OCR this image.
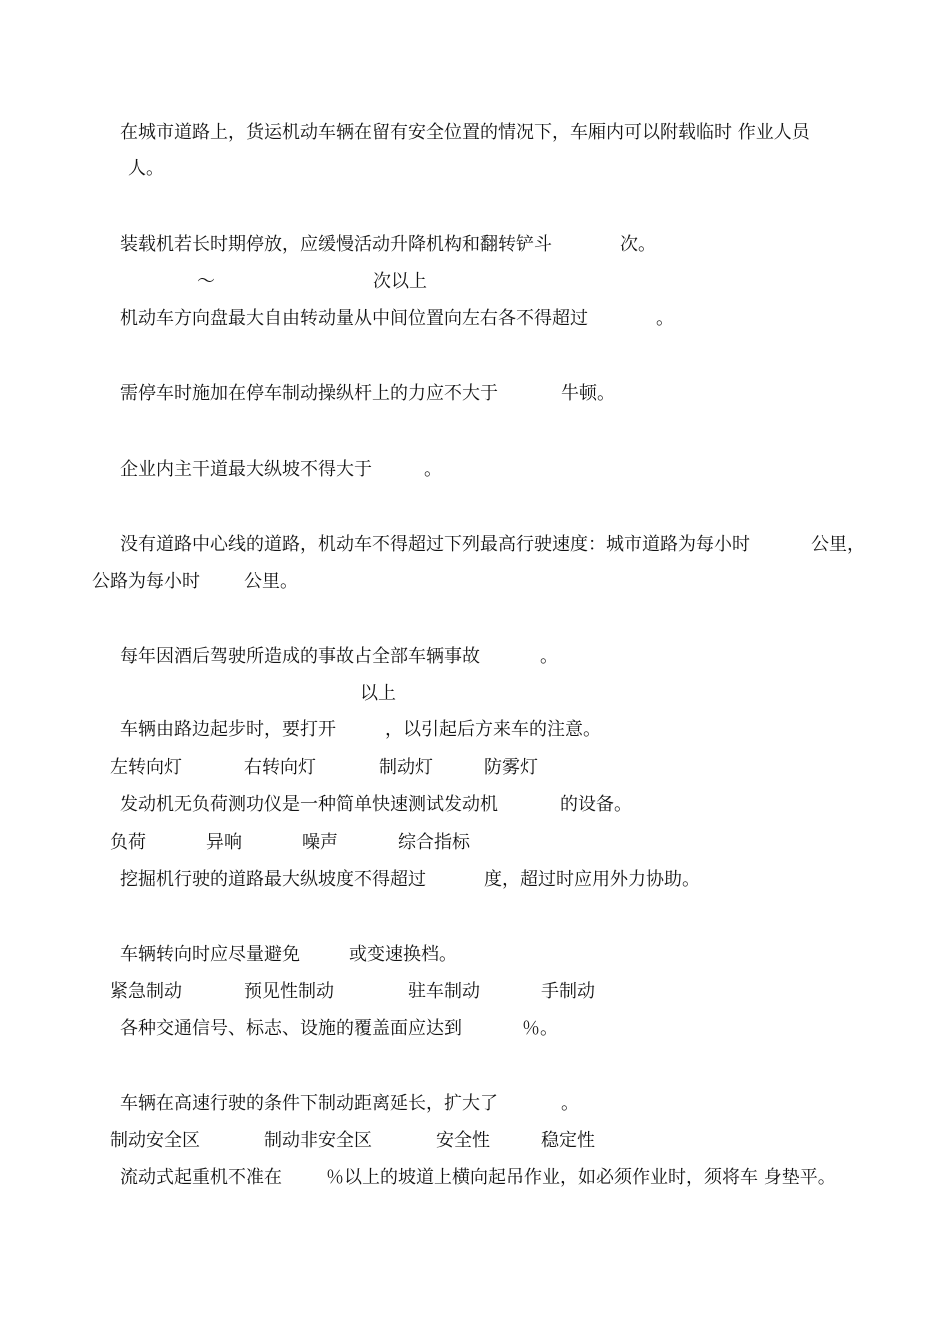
在城市道路上，货运机动车辆在留有安全位置的情况下，车厢内可以附载临时 作业人员
人。
装载机若长时期停放，应缓慢活动升降机构和翻转铲斗	次。
～	次以上
机动车方向盘最大自由转动量从中间位置向左右各不得超过	。
需停车时施加在停车制动操纵杆上的力应不大于	牛顿。
企业内主干道最大纵坡不得大于	。
没有道路中心线的道路，机动车不得超过下列最高行驶速度：城市道路为每小时	公里，
公路为每小时 公里。
每年因酒后驾驶所造成的事故占全部车辆事故	。
以上
车辆由路边起步时，要打开	，以引起后方来车的注意。
左转向灯	右转向灯	制动灯	防雾灯
发动机无负荷测功仪是一种简单快速测试发动机	的设备。
负荷	异响	噪声	综合指标
挖掘机行驶的道路最大纵坡度不得超过	度，超过时应用外力协助。
车辆转向时应尽量避免	或变速换档。
紧急制动	预见性制动	驻车制动	手制动
各种交通信号、标志、设施的覆盖面应达到	％。
车辆在高速行驶的条件下制动距离延长，扩大了	。
制动安全区	制动非安全区	安全性	稳定性
流动式起重机不准在 ％以上的坡道上横向起吊作业，如必须作业时，须将车 身垫平。
